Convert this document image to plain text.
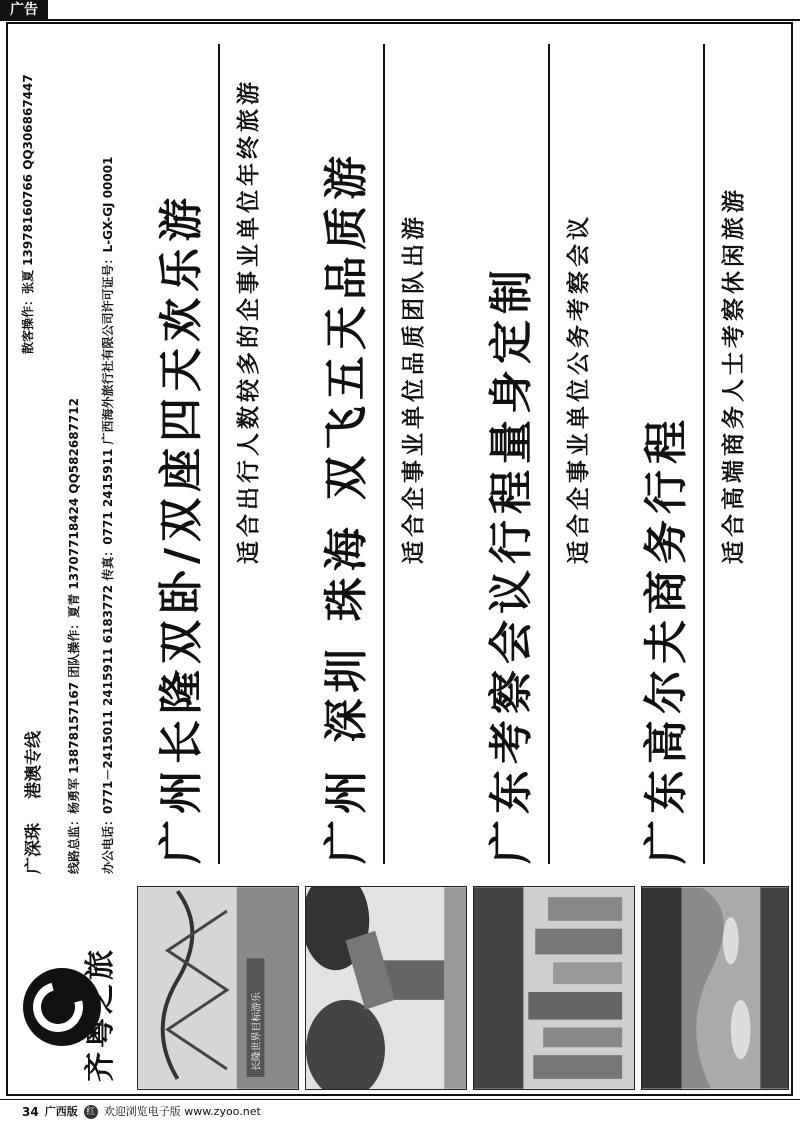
广告
齐粤之旅
广深珠港澳专线
散客操作：张夏 13978160766 QQ306867447
线路总监：杨勇军 13878157167 团队操作：夏青 13707718424 QQ582687712 办公电话：0771－2415011 2415911 6183772 传真：0771 2415911 广西海外旅行社有限公司许可证号：L-GX-GJ 00001
长隆世界目标游乐
广州长隆双卧/双座四天欢乐游 适合出行人数较多的企事业单位年终旅游 广州 深圳 珠海 双飞五天品质游 适合企事业单位品质团队出游 广东考察会议行程量身定制 适合企事业单位公务考察会议
广东高尔夫商务行程
适合高端商务人士考察休闲旅游
34 广西版 红 欢迎浏览电子版 www.zyoo.net
